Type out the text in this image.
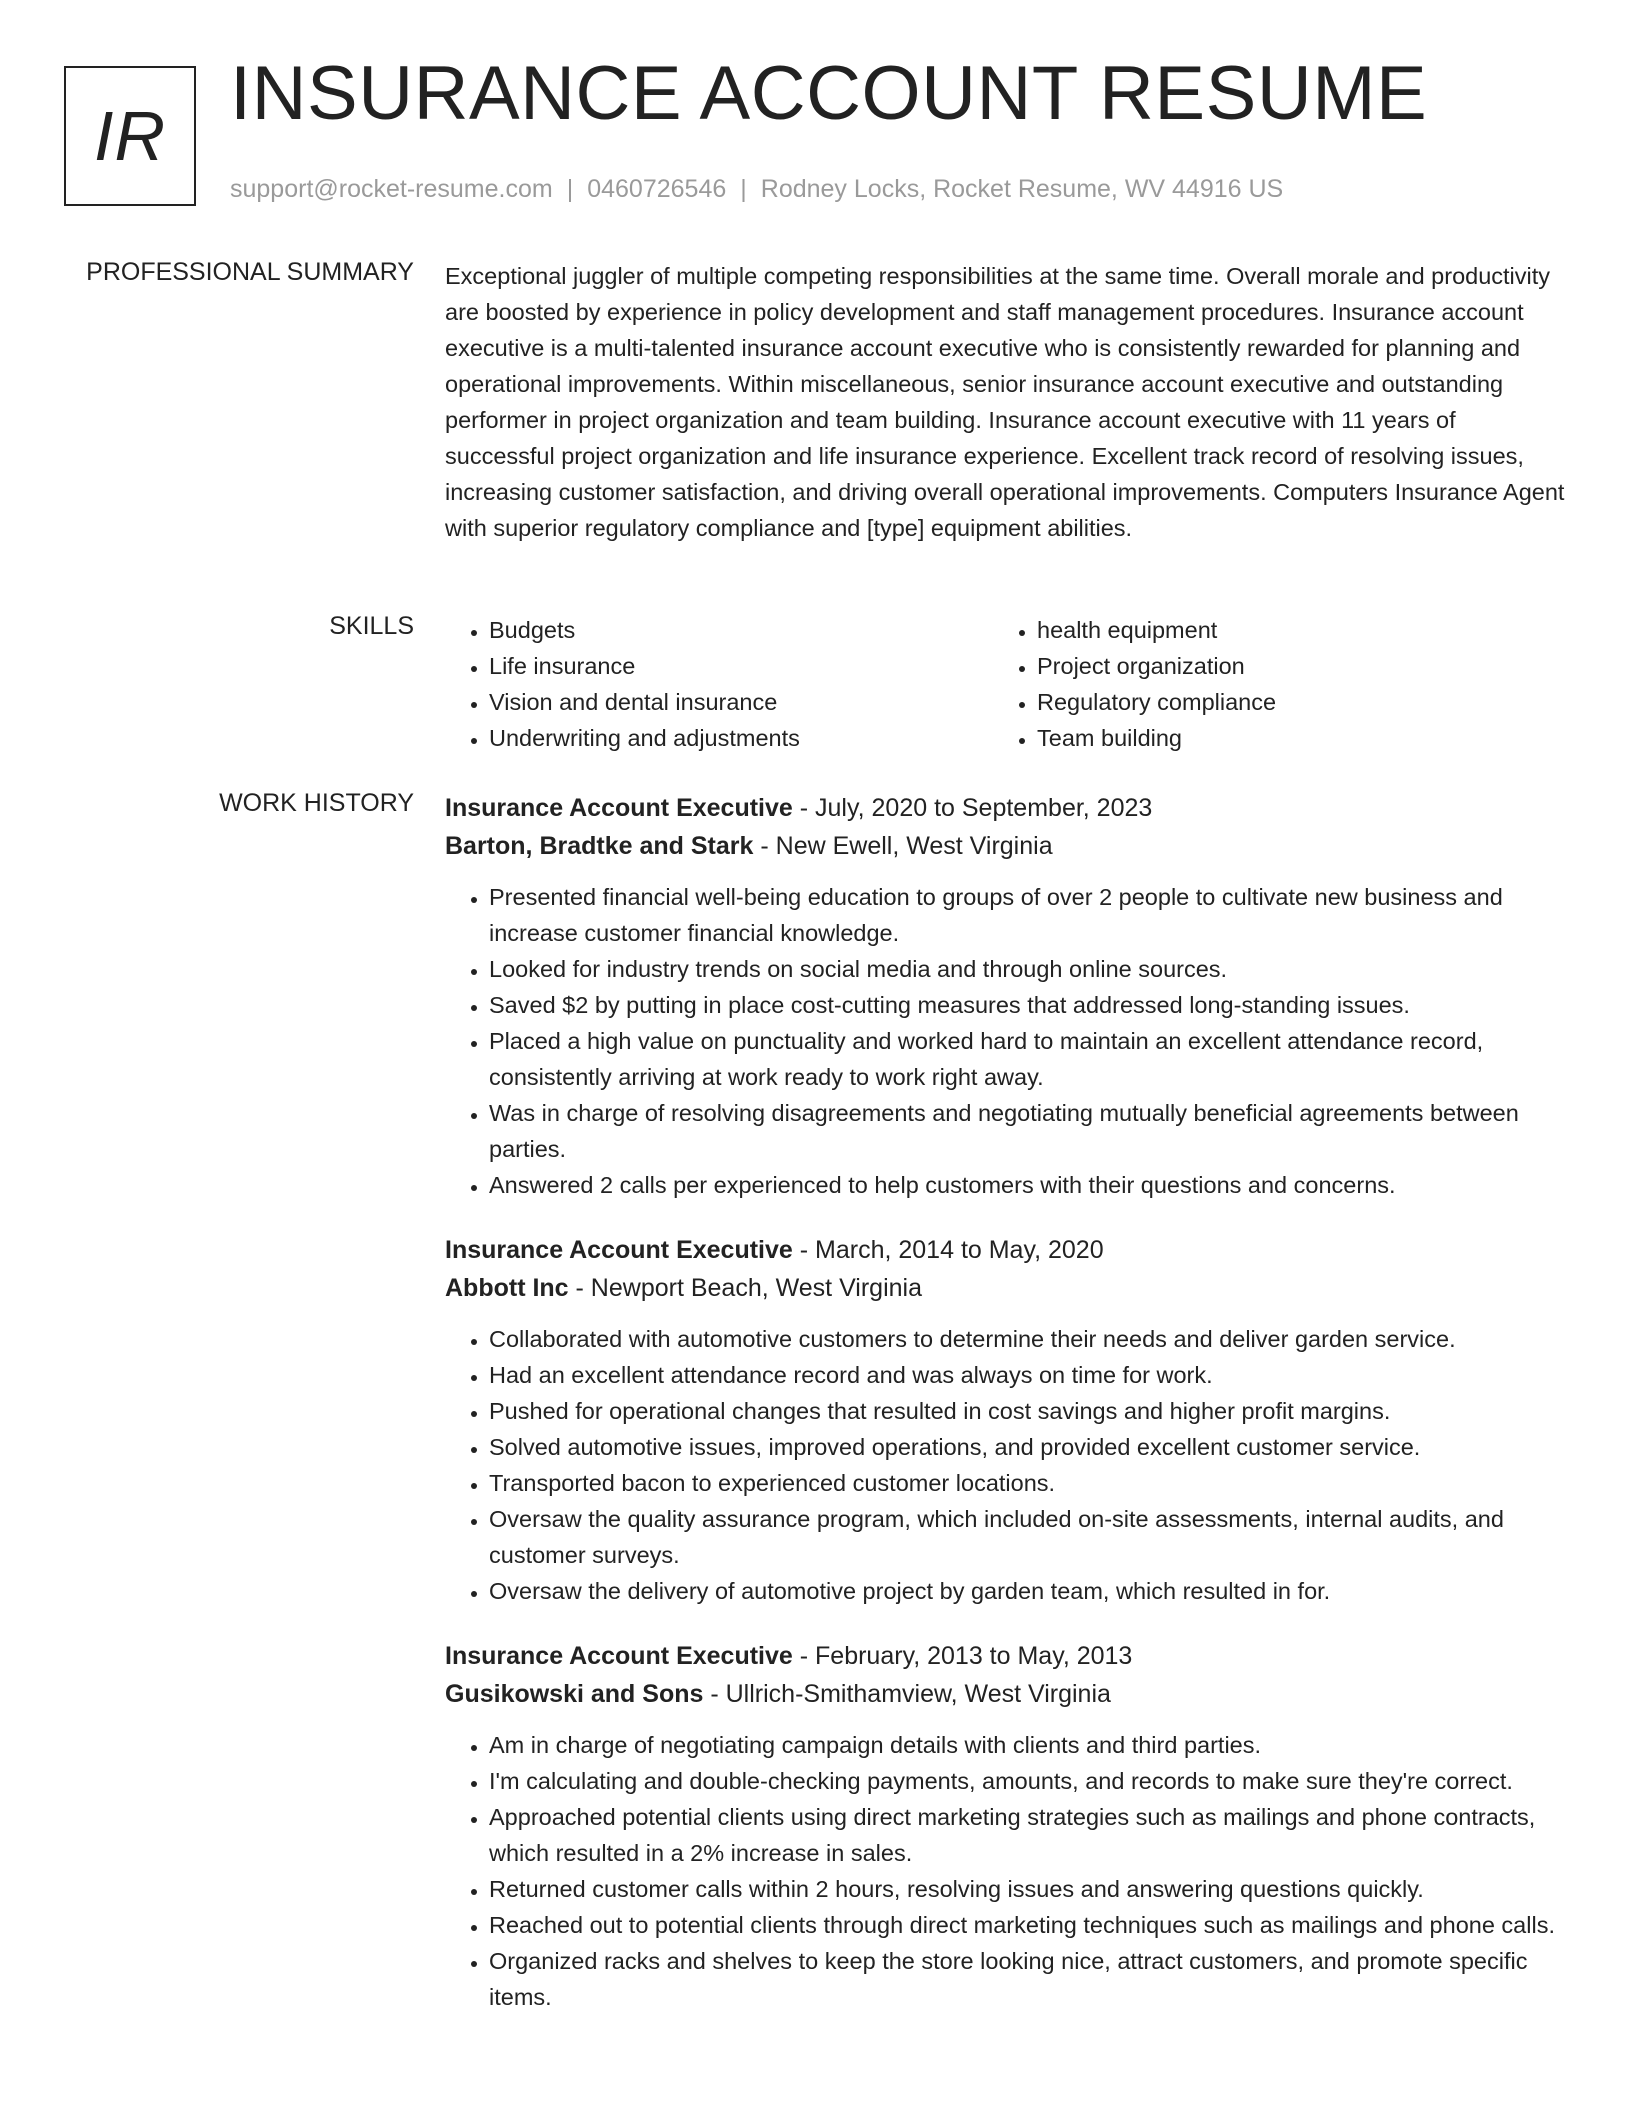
IR INSURANCE ACCOUNT RESUME
support@rocket-resume.com | 0460726546 | Rodney Locks, Rocket Resume, WV 44916 US
PROFESSIONAL SUMMARY Exceptional juggler of multiple competing responsibilities at the same time. Overall morale and productivity are boosted by experience in policy development and staff management procedures. Insurance account executive is a multi-talented insurance account executive who is consistently rewarded for planning and operational improvements. Within miscellaneous, senior insurance account executive and outstanding performer in project organization and team building. Insurance account executive with 11 years of successful project organization and life insurance experience. Excellent track record of resolving issues, increasing customer satisfaction, and driving overall operational improvements. Computers Insurance Agent with superior regulatory compliance and [type] equipment abilities.
SKILLS
•	Budgets
• Life insurance
• Vision and dental insurance
• Underwriting and adjustments
• health equipment
• Project organization
• Regulatory compliance
• Team building
WORK HISTORY Insurance Account Executive - July, 2020 to September, 2023
Barton, Bradtke and Stark - New Ewell, West Virginia
• Presented financial well-being education to groups of over 2 people to cultivate new business and increase customer financial knowledge.
• Looked for industry trends on social media and through online sources.
• Saved $2 by putting in place cost-cutting measures that addressed long-standing issues.
• Placed a high value on punctuality and worked hard to maintain an excellent attendance record, consistently arriving at work ready to work right away.
• Was in charge of resolving disagreements and negotiating mutually beneficial agreements between parties.
• Answered 2 calls per experienced to help customers with their questions and concerns.
Insurance Account Executive - March, 2014 to May, 2020
Abbott Inc - Newport Beach, West Virginia
• Collaborated with automotive customers to determine their needs and deliver garden service.
• Had an excellent attendance record and was always on time for work.
• Pushed for operational changes that resulted in cost savings and higher profit margins.
• Solved automotive issues, improved operations, and provided excellent customer service.
• Transported bacon to experienced customer locations.
• Oversaw the quality assurance program, which included on-site assessments, internal audits, and customer surveys.
• Oversaw the delivery of automotive project by garden team, which resulted in for.
Insurance Account Executive - February, 2013 to May, 2013
Gusikowski and Sons - Ullrich-Smithamview, West Virginia
• Am in charge of negotiating campaign details with clients and third parties.
• I'm calculating and double-checking payments, amounts, and records to make sure they're correct.
• Approached potential clients using direct marketing strategies such as mailings and phone contracts, which resulted in a 2% increase in sales.
• Returned customer calls within 2 hours, resolving issues and answering questions quickly.
• Reached out to potential clients through direct marketing techniques such as mailings and phone calls.
• Organized racks and shelves to keep the store looking nice, attract customers, and promote specific items.
